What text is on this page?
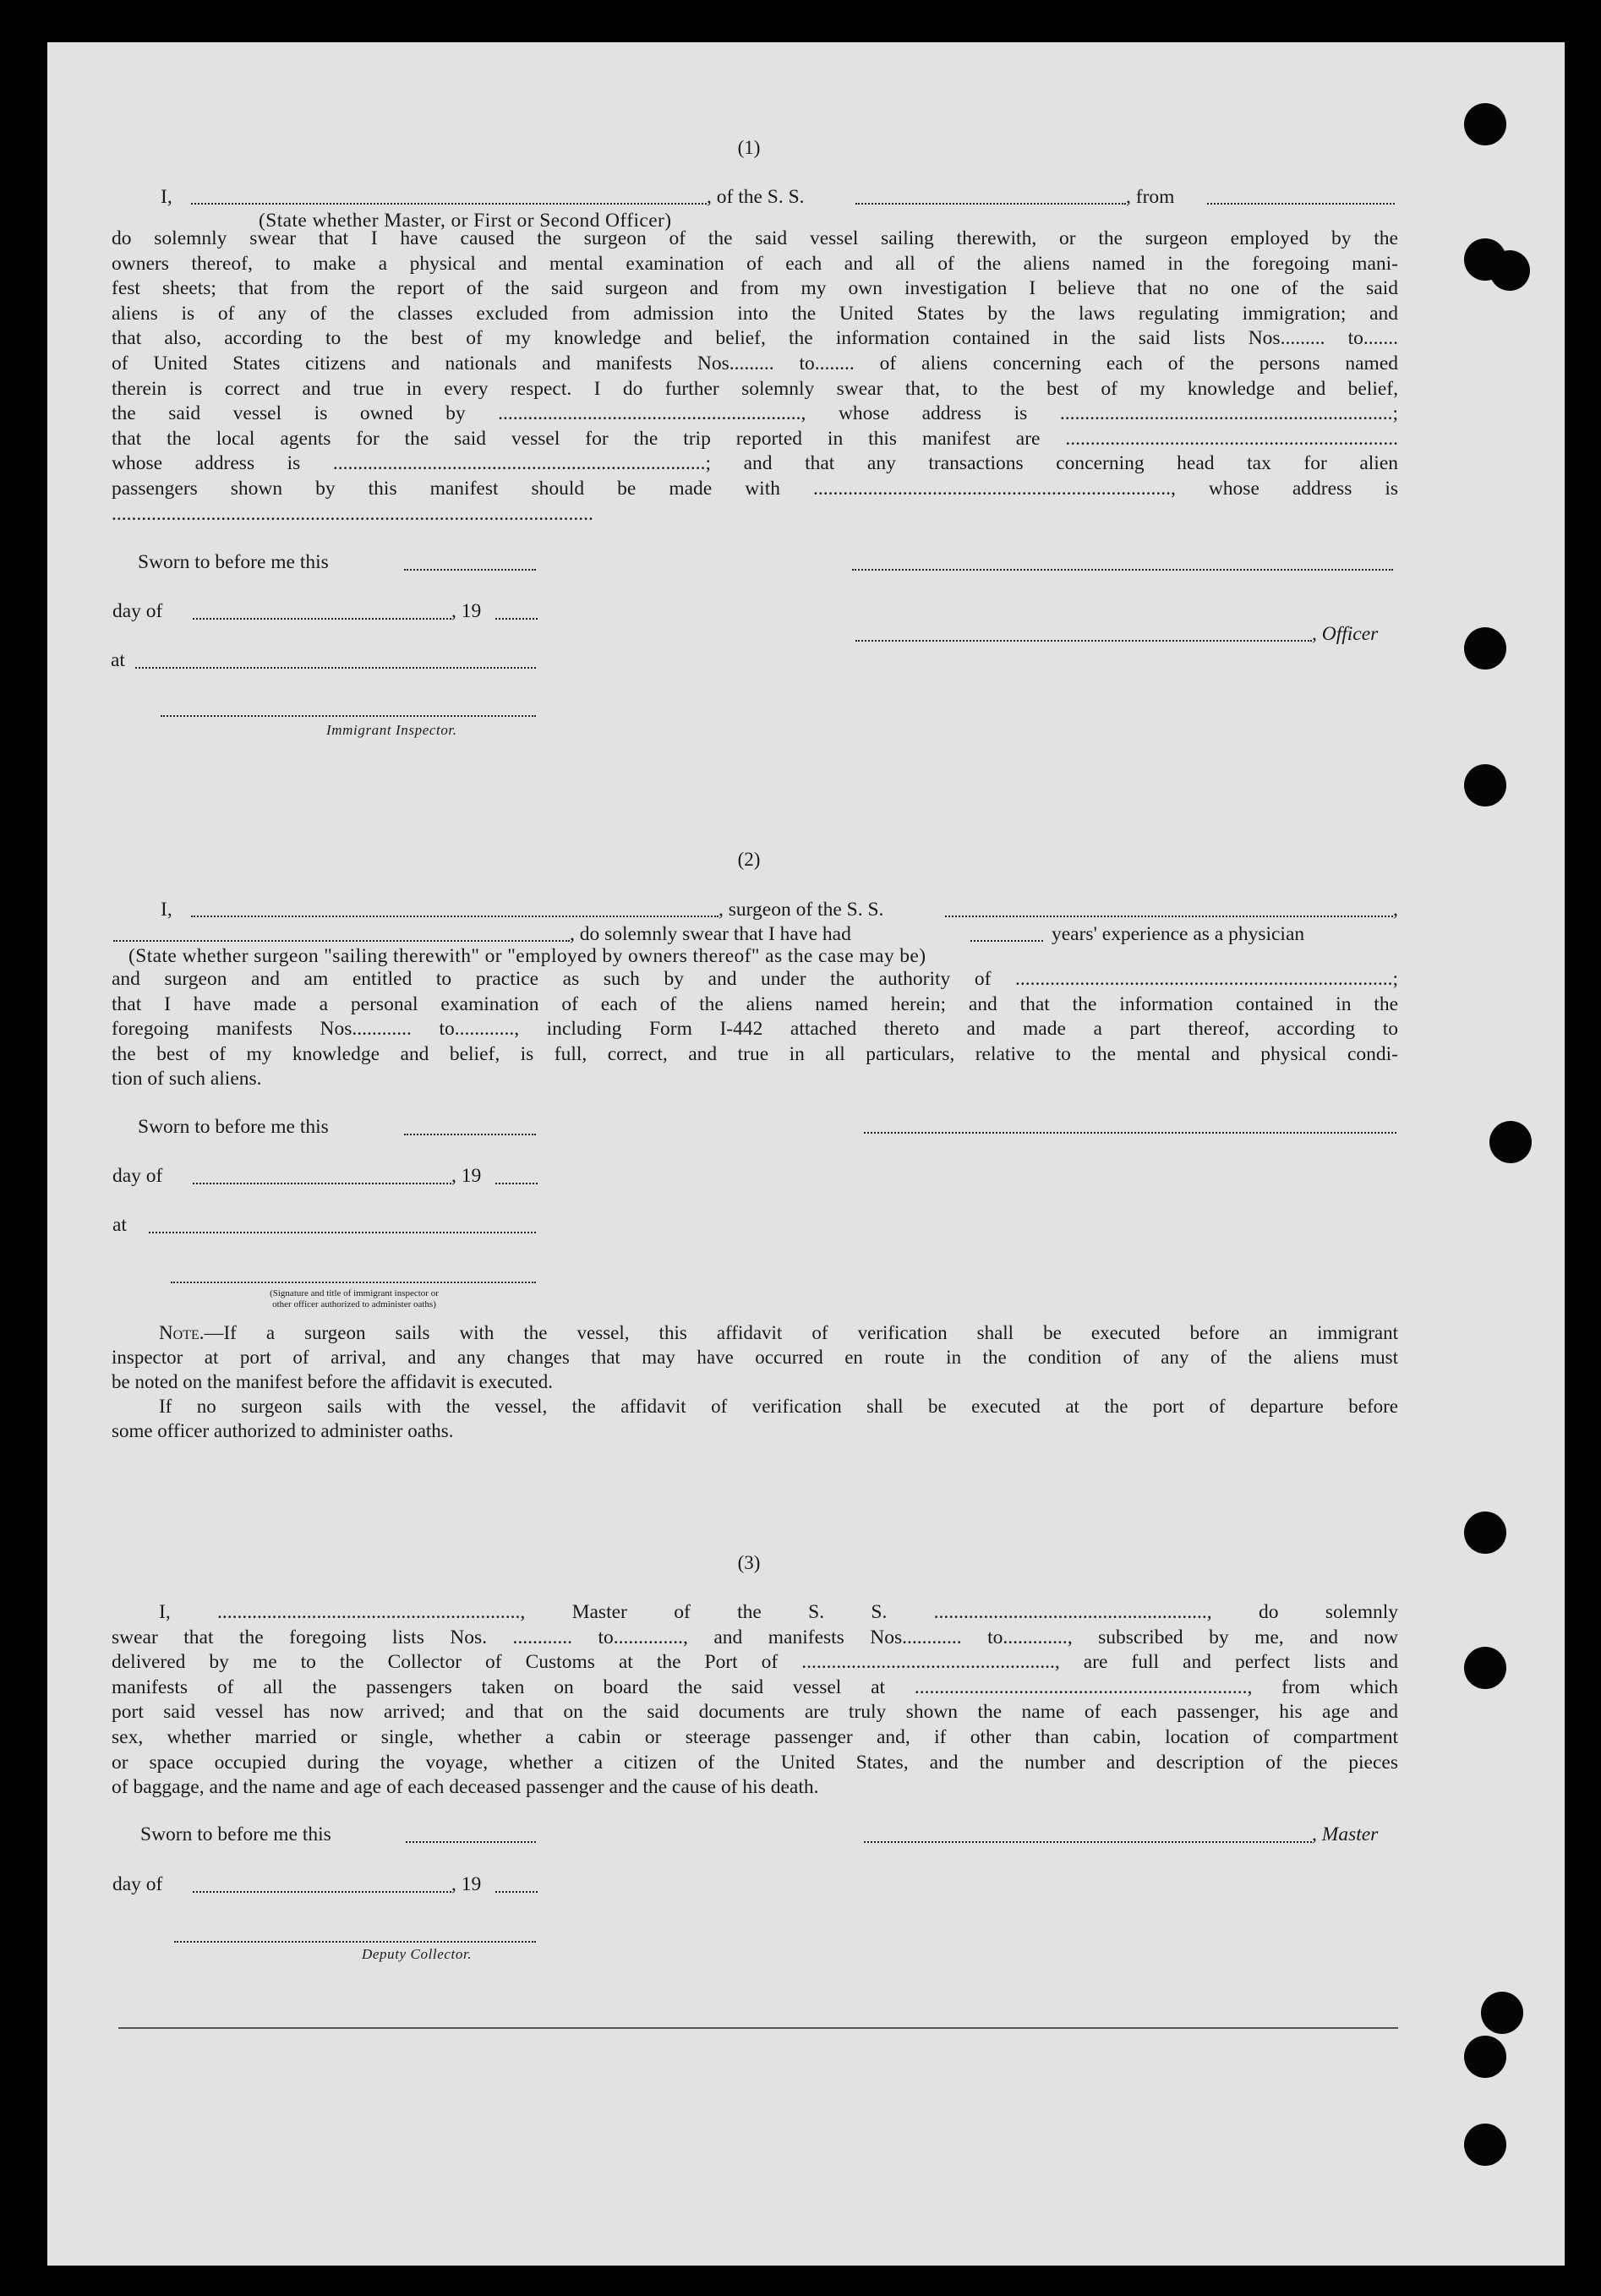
(1)
I,	, of the S. S.	, from
(State whether Master, or First or Second Officer)

do solemnly swear that I have caused the surgeon of the said vessel sailing therewith, or the surgeon employed by the
owners thereof, to make a physical and mental examination of each and all of the aliens named in the foregoing mani-
fest sheets; that from the report of the said surgeon and from my own investigation I believe that no one of the said
aliens is of any of the classes excluded from admission into the United States by the laws regulating immigration; and
that also, according to the best of my knowledge and belief, the information contained in the said lists Nos......... to.......
of United States citizens and nationals and manifests Nos......... to........ of aliens concerning each of the persons named
therein is correct and true in every respect. I do further solemnly swear that, to the best of my knowledge and belief,
the said vessel is owned by ............................................................., whose address is ...................................................................;
that the local agents for the said vessel for the trip reported in this manifest are ...................................................................
whose address is ...........................................................................; and that any transactions concerning head tax for alien
passengers shown by this manifest should be made with ........................................................................, whose address is
.................................................................................................

Sworn to before me this
day of	, 19
, Officer
at
Immigrant Inspector.
(2)
I,	, surgeon of the S. S.	,
, do solemnly swear that I have had	years' experience as a physician
(State whether surgeon "sailing therewith" or "employed by owners thereof" as the case may be)

and surgeon and am entitled to practice as such by and under the authority of ............................................................................;
that I have made a personal examination of each of the aliens named herein; and that the information contained in the
foregoing manifests Nos............ to............, including Form I-442 attached thereto and made a part thereof, according to
the best of my knowledge and belief, is full, correct, and true in all particulars, relative to the mental and physical condi-
tion of such aliens.

Sworn to before me this
day of	, 19
at
(Signature and title of immigrant inspector or
other officer authorized to administer oaths)

Note.—If a surgeon sails with the vessel, this affidavit of verification shall be executed before an immigrant
inspector at port of arrival, and any changes that may have occurred en route in the condition of any of the aliens must
be noted on the manifest before the affidavit is executed.
If no surgeon sails with the vessel, the affidavit of verification shall be executed at the port of departure before
some officer authorized to administer oaths.

(3)

I, ............................................................., Master of the S. S. ......................................................., do solemnly
swear that the foregoing lists Nos. ............ to.............., and manifests Nos............ to............., subscribed by me, and now
delivered by me to the Collector of Customs at the Port of ..................................................., are full and perfect lists and
manifests of all the passengers taken on board the said vessel at ..................................................................., from which
port said vessel has now arrived; and that on the said documents are truly shown the name of each passenger, his age and
sex, whether married or single, whether a cabin or steerage passenger and, if other than cabin, location of compartment
or space occupied during the voyage, whether a citizen of the United States, and the number and description of the pieces
of baggage, and the name and age of each deceased passenger and the cause of his death.

Sworn to before me this	, Master
day of	, 19
Deputy Collector.
